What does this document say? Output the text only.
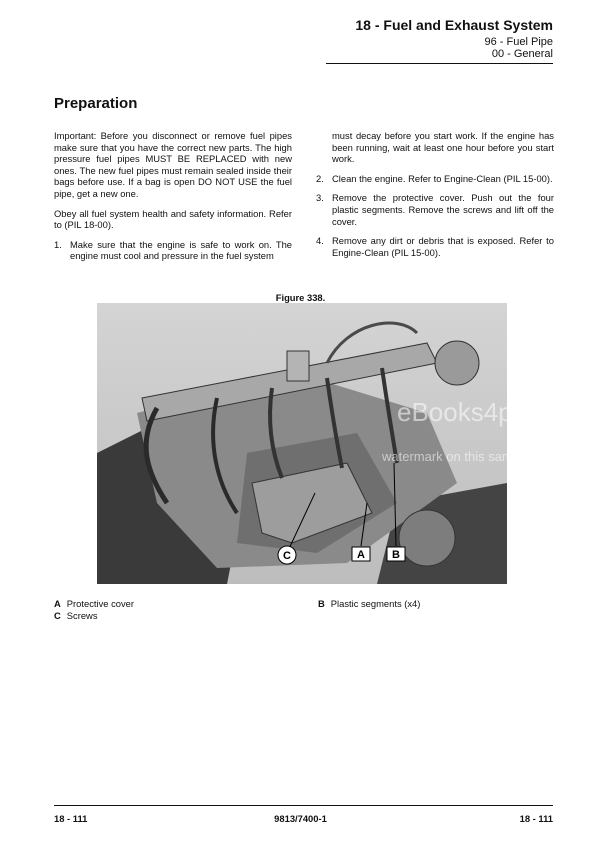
18 - Fuel and Exhaust System
96 - Fuel Pipe
00 - General
Preparation

Important: Before you disconnect or remove fuel pipes make sure that you have the correct new parts. The high pressure fuel pipes MUST BE REPLACED with new ones. The new fuel pipes must remain sealed inside their bags before use. If a bag is open DO NOT USE the fuel pipe, get a new one.

Obey all fuel system health and safety information. Refer to (PIL 18-00).

1. Make sure that the engine is safe to work on. The engine must cool and pressure in the fuel system
must decay before you start work. If the engine has been running, wait at least one hour before you start work.
2. Clean the engine. Refer to Engine-Clean (PIL 15-00).
3. Remove the protective cover. Push out the four plastic segments. Remove the screws and lift off the cover.
4. Remove any dirt or debris that is exposed. Refer to Engine-Clean (PIL 15-00).
Figure 338.
eBooks4pdf.com
watermark on this sample
C	A B
A Protective cover	B Plastic segments (x4)
C Screws
18 - 111	9813/7400-1	18 - 111
